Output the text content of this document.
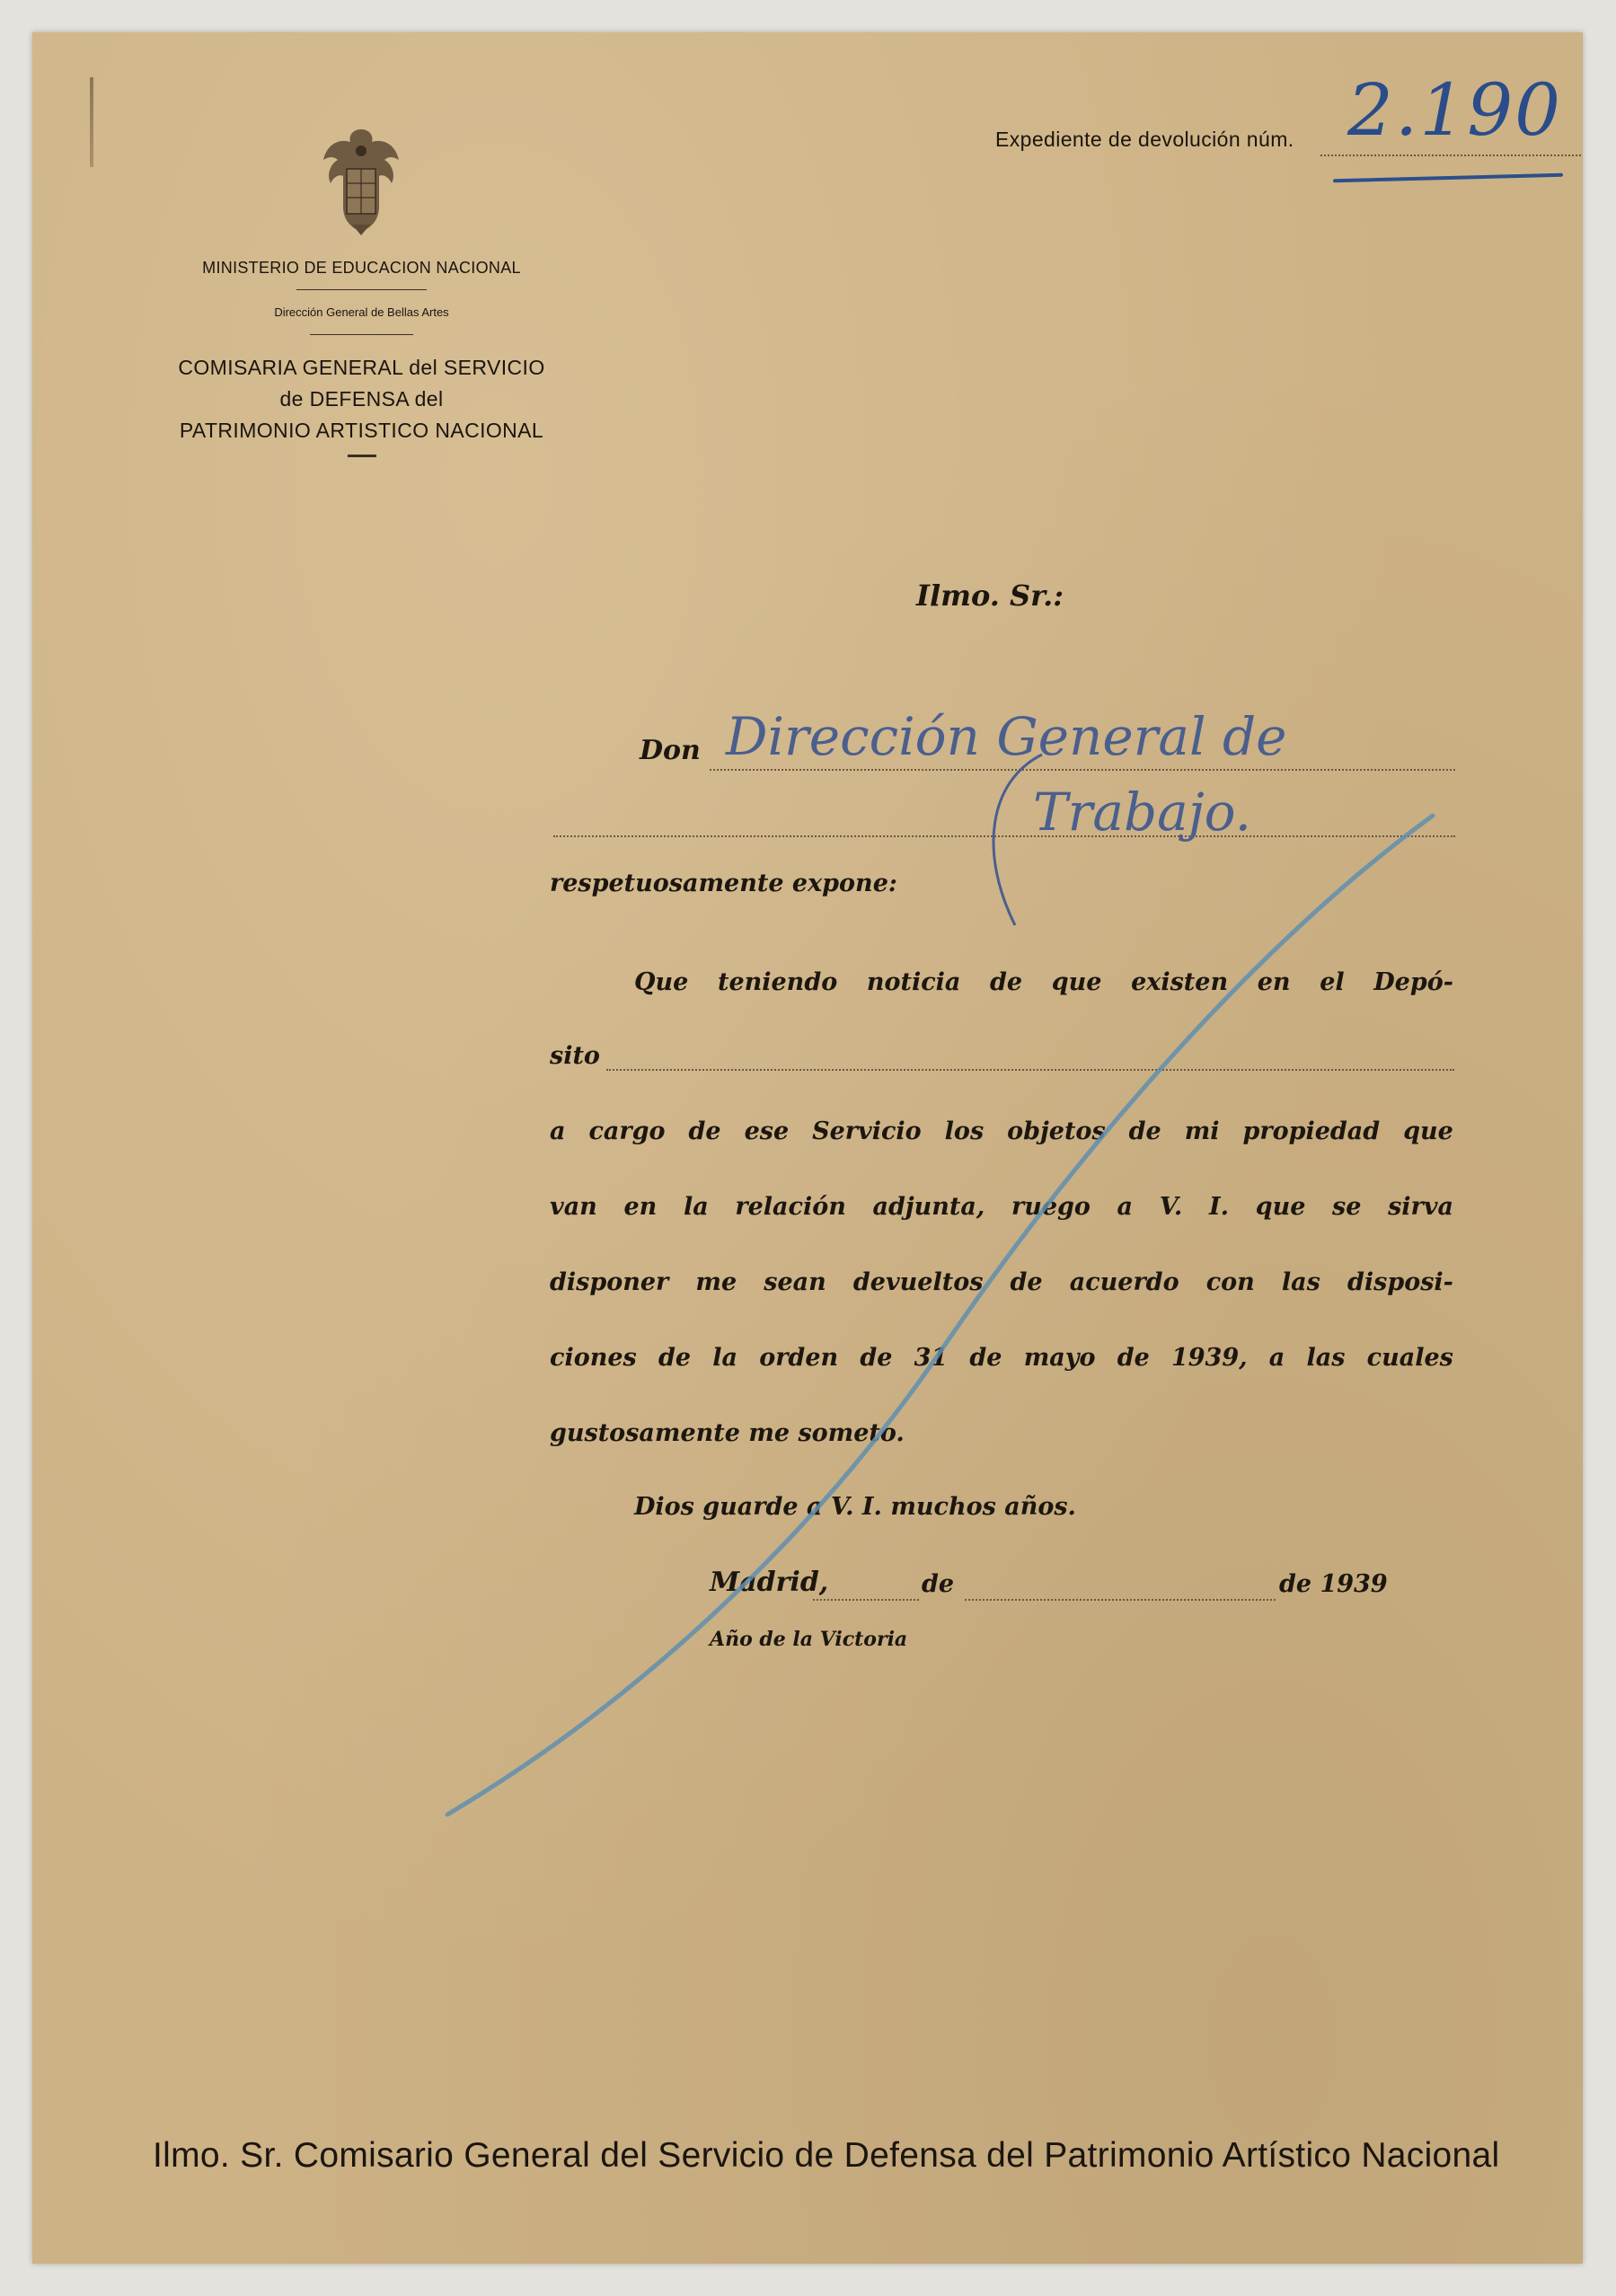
MINISTERIO DE EDUCACION NACIONAL
Dirección General de Bellas Artes
COMISARIA GENERAL del SERVICIO
de DEFENSA del
PATRIMONIO ARTISTICO NACIONAL
Expediente de devolución núm. 2.190
Ilmo. Sr.:
Don Dirección General de
Trabajo.
respetuosamente expone:
Que teniendo noticia de que existen en el Depó-
sito
a cargo de ese Servicio los objetos de mi propiedad que
van en la relación adjunta, ruego a V. I. que se sirva
disponer me sean devueltos de acuerdo con las disposi-
ciones de la orden de 31 de mayo de 1939, a las cuales
gustosamente me someto.
Dios guarde a V. I. muchos años.
Madrid,	de	de 1939
Año de la Victoria
Ilmo. Sr. Comisario General del Servicio de Defensa del Patrimonio Artístico Nacional
